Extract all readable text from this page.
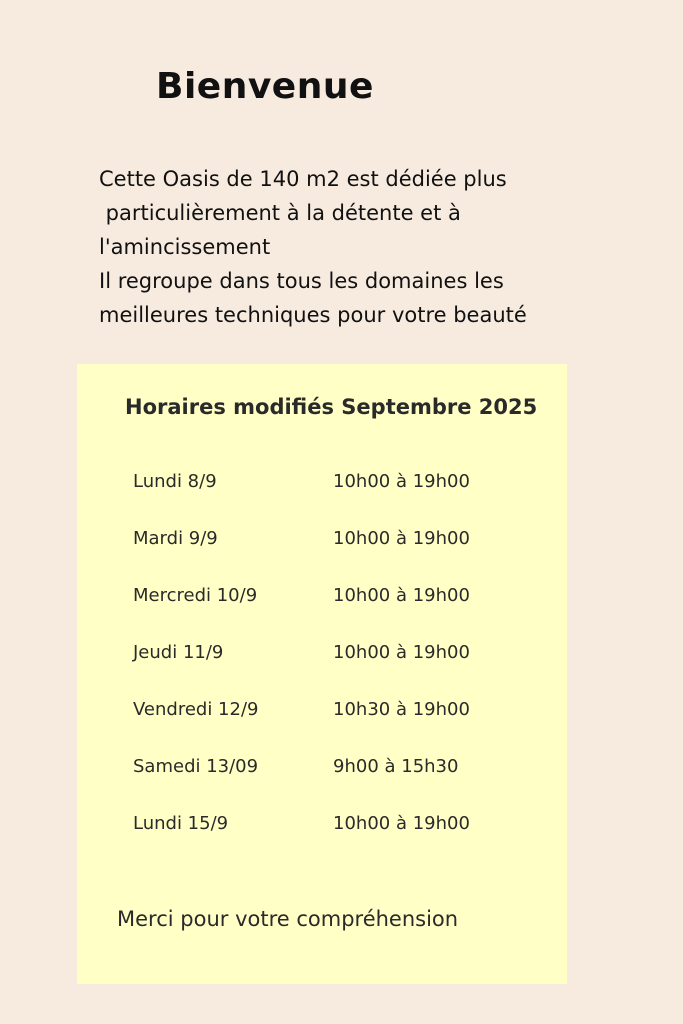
Bienvenue

Cette Oasis de 140 m2 est dédiée plus
particulièrement à la détente et à
l'amincissement
Il regroupe dans tous les domaines les
meilleures techniques pour votre beauté

Horaires modifiés Septembre 2025
Lundi 8/9	10h00 à 19h00
Mardi 9/9	10h00 à 19h00
Mercredi 10/9	10h00 à 19h00
Jeudi 11/9	10h00 à 19h00
Vendredi 12/9	10h30 à 19h00
Samedi 13/09	9h00 à 15h30
Lundi 15/9	10h00 à 19h00

Merci pour votre compréhension
